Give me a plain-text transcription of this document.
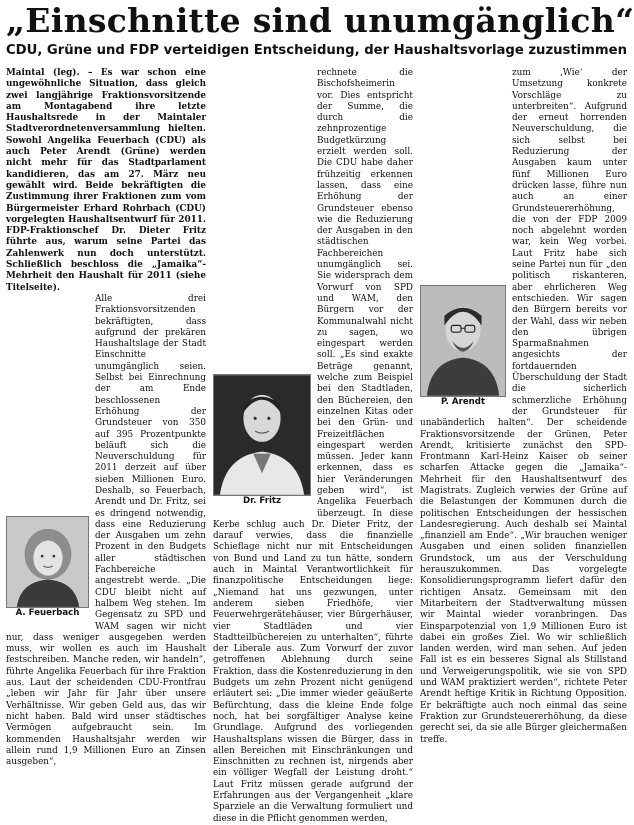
„Einschnitte sind unumgänglich“
CDU, Grüne und FDP verteidigen Entscheidung, der Haushaltsvorlage zuzustimmen

Maintal (leg). – Es war schon eine ungewöhnliche Situation, dass gleich zwei langjährige Fraktionsvorsitzende am Montagabend ihre letzte Haushaltsrede in der Maintaler Stadtverordnetenversammlung hielten. Sowohl Angelika Feuerbach (CDU) als auch Peter Arendt (Grüne) werden nicht mehr für das Stadtparlament kandidieren, das am 27. März neu gewählt wird. Beide bekräftigten die Zustimmung ihrer Fraktionen zum vom Bürgermeister Erhard Rohrbach (CDU) vorgelegten Haushaltsentwurf für 2011. FDP-Fraktionschef Dr. Dieter Fritz führte aus, warum seine Partei das Zahlenwerk nun doch unterstützt. Schließlich beschloss die „Jamaika“-Mehrheit den Haushalt für 2011 (siehe Titelseite).

A. Feuerbach

Alle drei Fraktionsvorsitzenden bekräftigten, dass aufgrund der prekären Haushaltslage der Stadt Einschnitte unumgänglich seien. Selbst bei Einrechnung der am Ende beschlossenen Erhöhung der Grundsteuer von 350 auf 395 Prozentpunkte beläuft sich die Neuverschuldung für 2011 derzeit auf über sieben Millionen Euro. Deshalb, so Feuerbach, Arendt und Dr. Fritz, sei es dringend notwendig, dass eine Reduzierung der Ausgaben um zehn Prozent in den Budgets aller städtischen Fachbereiche angestrebt werde. „Die CDU bleibt nicht auf halbem Weg stehen. Im Gegensatz zu SPD und WAM sagen wir nicht nur, dass weniger ausgegeben werden muss, wir wollen es auch im Haushalt festschreiben. Manche reden, wir handeln“, führte Angelika Feuerbach für ihre Fraktion aus. Laut der scheidenden CDU-Frontfrau „leben wir Jahr für Jahr über unsere Verhältnisse. Wir geben Geld aus, das wir nicht haben. Bald wird unser städtisches Vermögen aufgebraucht sein. Im kommenden Haushaltsjahr werden wir allein rund 1,9 Millionen Euro an Zinsen ausgeben“,

Dr. Fritz

rechnete die Bischofsheimerin vor. Dies entspricht der Summe, die durch die zehnprozentige Budgetkürzung erzielt werden soll. Die CDU habe daher frühzeitig erkennen lassen, dass eine Erhöhung der Grundsteuer ebenso wie die Reduzierung der Ausgaben in den städtischen Fachbereichen unumgänglich sei. Sie widersprach dem Vorwurf von SPD und WAM, den Bürgern vor der Kommunalwahl nicht zu sagen, wo eingespart werden soll. „Es sind exakte Beträge genannt, welche zum Beispiel bei den Stadtladen, den Büchereien, den einzelnen Kitas oder bei den Grün- und Freizeitflächen eingespart werden müssen. Jeder kann erkennen, dass es hier Veränderungen geben wird“, ist Angelika Feuerbach überzeugt. In diese Kerbe schlug auch Dr. Dieter Fritz, der darauf verwies, dass die finanzielle Schieflage nicht nur mit Entscheidungen von Bund und Land zu tun hätte, sondern auch in Maintal Verantwortlichkeit für finanzpolitische Entscheidungen liege: „Niemand hat uns gezwungen, unter anderem sieben Friedhöfe, vier Feuerwehrgerätehäuser, vier Bürgerhäuser, vier Stadtläden und vier Stadtteilbüchereien zu unterhalten“, führte der Liberale aus. Zum Vorwurf der zuvor getroffenen Ablehnung durch seine Fraktion, dass die Kostenreduzierung in den Budgets um zehn Prozent nicht genügend erläutert sei: „Die immer wieder geäußerte Befürchtung, dass die kleine Ende folge noch, hat bei sorgfältiger Analyse keine Grundlage. Aufgrund des vorliegenden Haushaltsplans wissen die Bürger, dass in allen Bereichen mit Einschränkungen und Einschnitten zu rechnen ist, nirgends aber ein völliger Wegfall der Leistung droht.“ Laut Fritz müssen gerade aufgrund der Erfahrungen aus der Vergangenheit „klare Sparziele an die Verwaltung formuliert und diese in die Pflicht genommen werden,

P. Arendt

zum ‚Wie‘ der Umsetzung konkrete Vorschläge zu unterbreiten“. Aufgrund der erneut horrenden Neuverschuldung, die sich selbst bei Reduzierung der Ausgaben kaum unter fünf Millionen Euro drücken lasse, führe nun auch an einer Grundsteuererhöhung, die von der FDP 2009 noch abgelehnt worden war, kein Weg vorbei. Laut Fritz habe sich seine Partei nun für „den politisch riskanteren, aber ehrlicheren Weg entschieden. Wir sagen den Bürgern bereits vor der Wahl, dass wir neben den übrigen Sparmaßnahmen angesichts der fortdauernden Überschuldung der Stadt die sicherlich schmerzliche Erhöhung der Grundsteuer für unabänderlich halten“. Der scheidende Fraktionsvorsitzende der Grünen, Peter Arendt, kritisierte zunächst den SPD-Frontmann Karl-Heinz Kaiser ob seiner scharfen Attacke gegen die „Jamaika“-Mehrheit für den Haushaltsentwurf des Magistrats. Zugleich verwies der Grüne auf die Belastungen der Kommunen durch die politischen Entscheidungen der hessischen Landesregierung. Auch deshalb sei Maintal „finanziell am Ende“. „Wir brauchen weniger Ausgaben und einen soliden finanziellen Grundstock, um aus der Verschuldung herauszukommen. Das vorgelegte Konsolidierungsprogramm liefert dafür den richtigen Ansatz. Gemeinsam mit den Mitarbeitern der Stadtverwaltung müssen wir Maintal wieder voranbringen. Das Einsparpotenzial von 1,9 Millionen Euro ist dabei ein großes Ziel. Wo wir schließlich landen werden, wird man sehen. Auf jeden Fall ist es ein besseres Signal als Stillstand und Verweigerungspolitik, wie sie von SPD und WAM praktiziert werden“, richtete Peter Arendt heftige Kritik in Richtung Opposition. Er bekräftigte auch noch einmal das seine Fraktion zur Grundsteuererhöhung, da diese gerecht sei, da sie alle Bürger gleichermaßen treffe.
